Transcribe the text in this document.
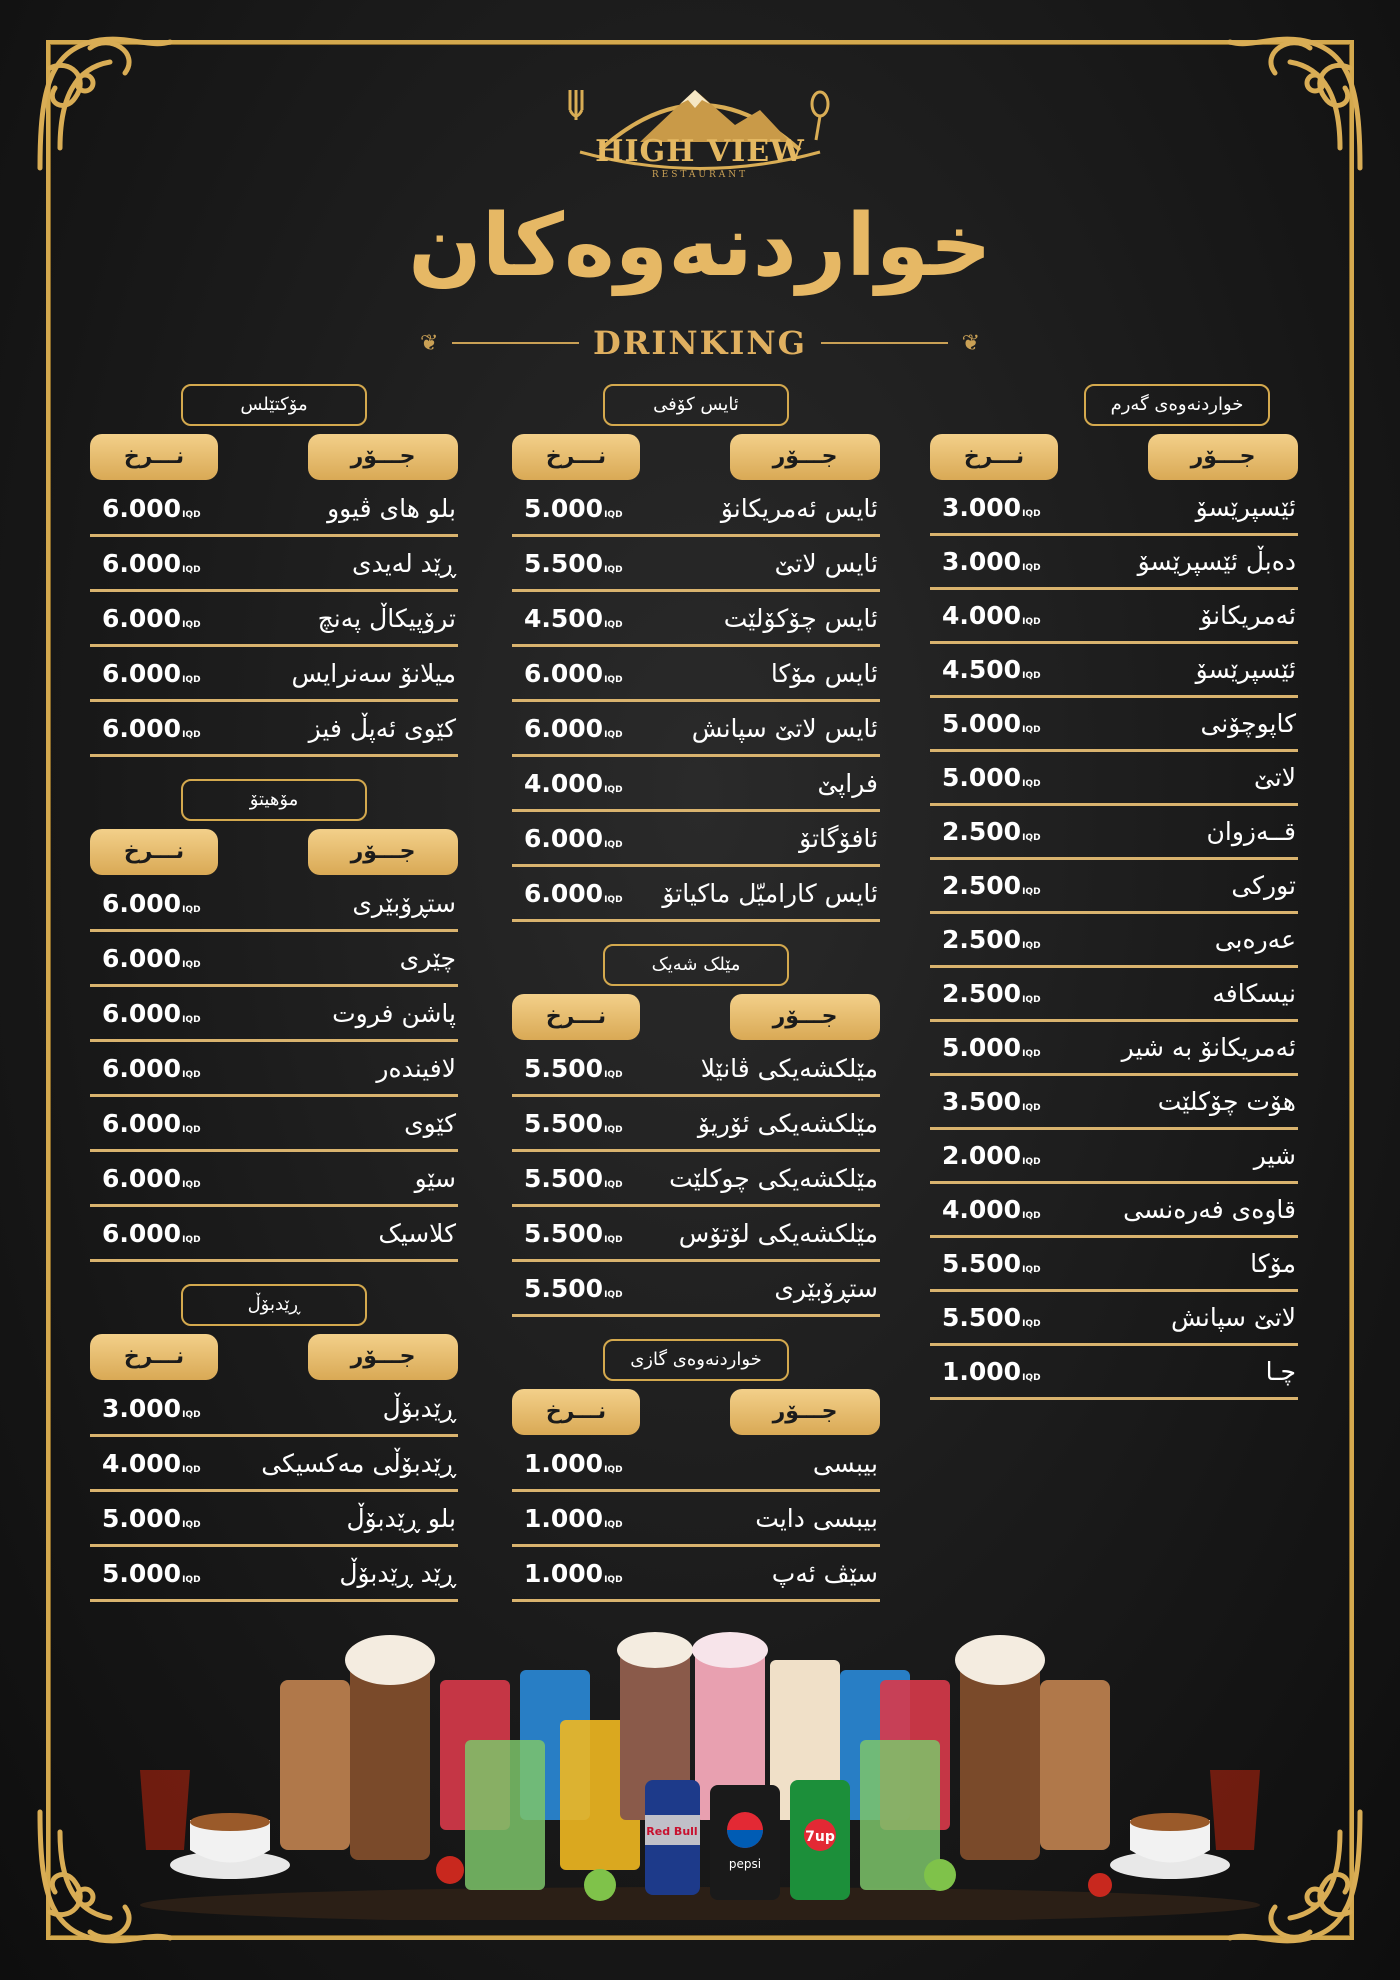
HIGH VIEW
RESTAURANT
خواردنەوەکان
❦	DRINKING	❦
خواردنەوەی گەرم
نـــرخ	جـــۆر
3.000IQD	ئێسپرێسۆ
3.000IQD	دەبڵ ئێسپرێسۆ
4.000IQD	ئەمریکانۆ
4.500IQD	ئێسپرێسۆ
5.000IQD	کاپوچۆنی
5.000IQD	لاتێ
2.500IQD	قــەزوان
2.500IQD	تورکی
2.500IQD	عەرەبی
2.500IQD	نیسکافە
5.000IQD	ئەمریکانۆ بە شیر
3.500IQD	هۆت چۆکلێت
2.000IQD	شیر
4.000IQD	قاوەی فەرەنسی
5.500IQD	مۆکا
5.500IQD	لاتێ سپانش
1.000IQD	چـا
ئایس کۆفی
نـــرخ	جـــۆر
5.000IQD	ئایس ئەمریکانۆ
5.500IQD	ئایس لاتێ
4.500IQD	ئایس چۆکۆلێت
6.000IQD	ئایس مۆکا
6.000IQD	ئایس لاتێ سپانش
4.000IQD	فراپێ
6.000IQD	ئافۆگاتۆ
6.000IQD ئایس کاراميّل ماكياتۆ
مێلک شەیک
نـــرخ	جـــۆر
5.500IQD	مێلکشەیکی ڤانێلا
5.500IQD	مێلکشەیکی ئۆریۆ
5.500IQD مێلکشەیکی چوکلێت
5.500IQD مێلکشەیکی لۆتۆس
5.500IQD	ستڕۆبێری
خواردنەوەی گازی
نـــرخ	جـــۆر
1.000IQD	بیبسی
1.000IQD	بیبسی دایت
1.000IQD	سێڤ ئەپ
مۆکتێلس
نـــرخ	جـــۆر
6.000IQD	بلو های ڤیوو
6.000IQD	ڕێد لەیدی
6.000IQD	ترۆپیکاڵ پەنچ
6.000IQD	میلانۆ سەنرایس
6.000IQD	کێوی ئەپڵ فیز
مۆهیتۆ
نـــرخ	جـــۆر
6.000IQD	ستڕۆبێری
6.000IQD	چێری
6.000IQD	پاشن فروت
6.000IQD	لافیندەر
6.000IQD	کێوی
6.000IQD	سێو
6.000IQD	کلاسیک
ڕێدبۆڵ
نـــرخ	جـــۆر
3.000IQD	ڕێدبۆڵ
4.000IQD ڕێدبۆڵی مەکسیکی
5.000IQD	بلو ڕێدبۆڵ
5.000IQD	ڕێد ڕێدبۆڵ
Red Bull
pepsi
7up
